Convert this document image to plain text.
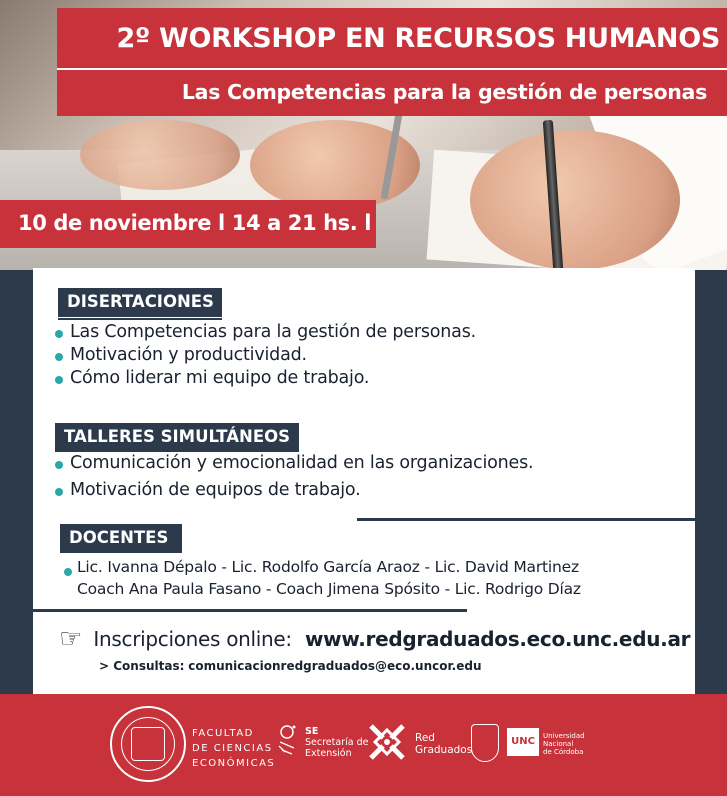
2º WORKSHOP EN RECURSOS HUMANOS
Las Competencias para la gestión de personas
10 de noviembre l 14 a 21 hs. l
DISERTACIONES
Las Competencias para la gestión de personas.
Motivación y productividad.
Cómo liderar mi equipo de trabajo.
TALLERES SIMULTÁNEOS
Comunicación y emocionalidad en las organizaciones.
Motivación de equipos de trabajo.
DOCENTES
Lic. Ivanna Dépalo - Lic. Rodolfo García Araoz - Lic. David Martinez
Coach Ana Paula Fasano - Coach Jimena Spósito - Lic. Rodrigo Díaz
☞ Inscripciones online: www.redgraduados.eco.unc.edu.ar
> Consultas: comunicacionredgraduados@eco.uncor.edu
FACULTAD
DE CIENCIAS
ECONÓMICAS
SE
Secretaría de
Extensión
Red
Graduados
UNC	Universidad
Nacional
de Córdoba
